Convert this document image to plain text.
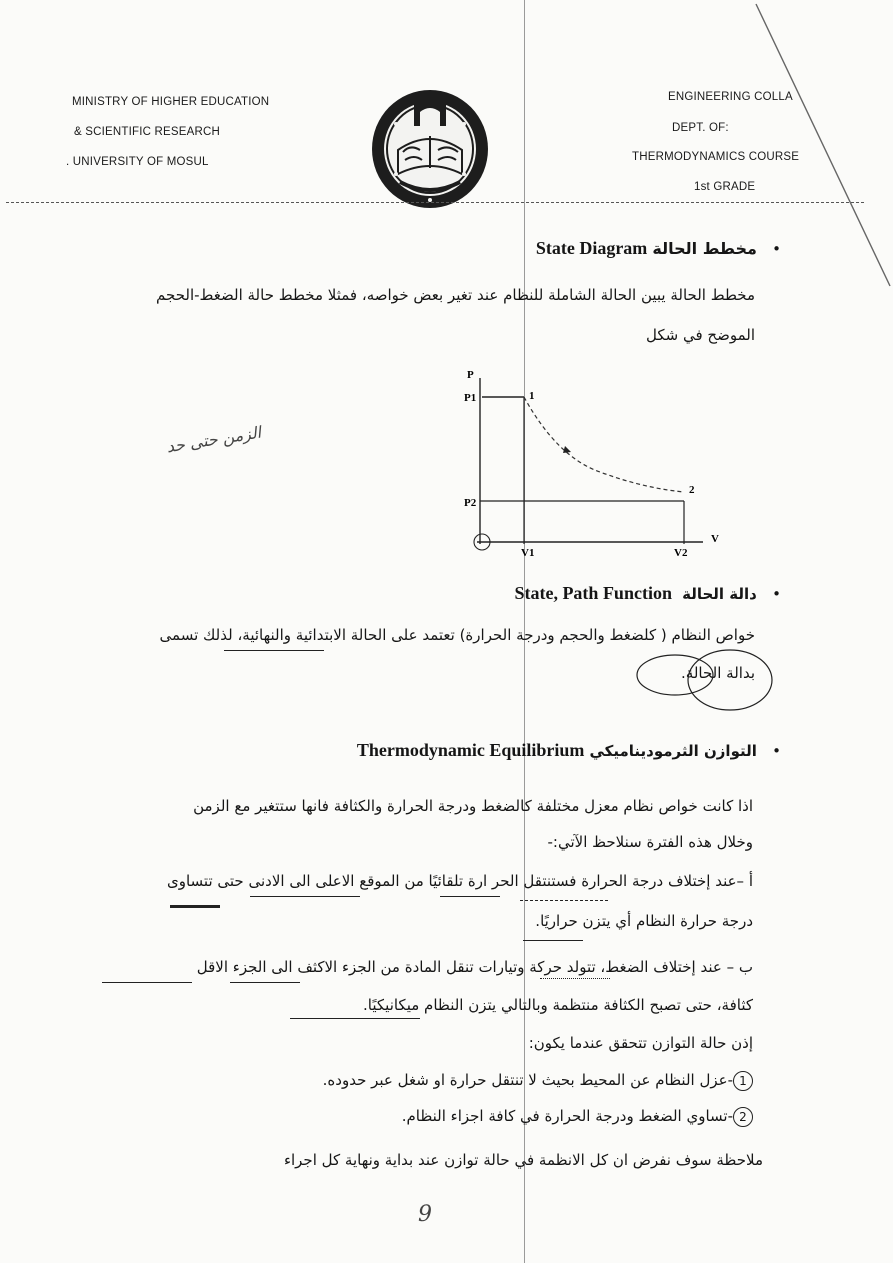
MINISTRY OF HIGHER EDUCATION
& SCIENTIFIC RESEARCH
. UNIVERSITY OF MOSUL
ENGINEERING COLLA
DEPT. OF:
THERMODYNAMICS COURSE
1st GRADE
•   مخطط الحالة State Diagram
مخطط الحالة يبين الحالة الشاملة للنظام عند تغير بعض خواصه، فمثلا مخطط حالة الضغط-الحجم
الموضح في شكل
P
P1
P2
1
2
V1	V2
V
الزمن حتى حد
•   دالة الحالة  State, Path Function
خواص النظام ( كلضغط والحجم ودرجة الحرارة) تعتمد على الحالة الابتدائية والنهائية، لذلك تسمى
بدالة الحالة.
•   التوازن الثرموديناميكي Thermodynamic Equilibrium
اذا كانت خواص نظام معزل مختلفة كالضغط ودرجة الحرارة والكثافة فانها ستتغير مع الزمن
وخلال هذه الفترة سنلاحظ الآتي:-
أ –عند إختلاف درجة الحرارة فستنتقل الحر ارة تلقائيًا من الموقع الاعلى الى الادنى حتى تتساوى
درجة حرارة النظام أي يتزن حراريًا.
ب – عند إختلاف الضغط، تتولد حركة وتيارات تنقل المادة من الجزء الاكثف الى الجزء الاقل
كثافة، حتى تصبح الكثافة منتظمة وبالتالي يتزن النظام ميكانيكيًا.
إذن حالة التوازن تتحقق عندما يكون:
1-عزل النظام عن المحيط بحيث لا تنتقل حرارة او شغل عبر حدوده.
2-تساوي الضغط ودرجة الحرارة في كافة اجزاء النظام.
ملاحظة سوف نفرض ان كل الانظمة في حالة توازن عند بداية ونهاية كل اجراء
9
